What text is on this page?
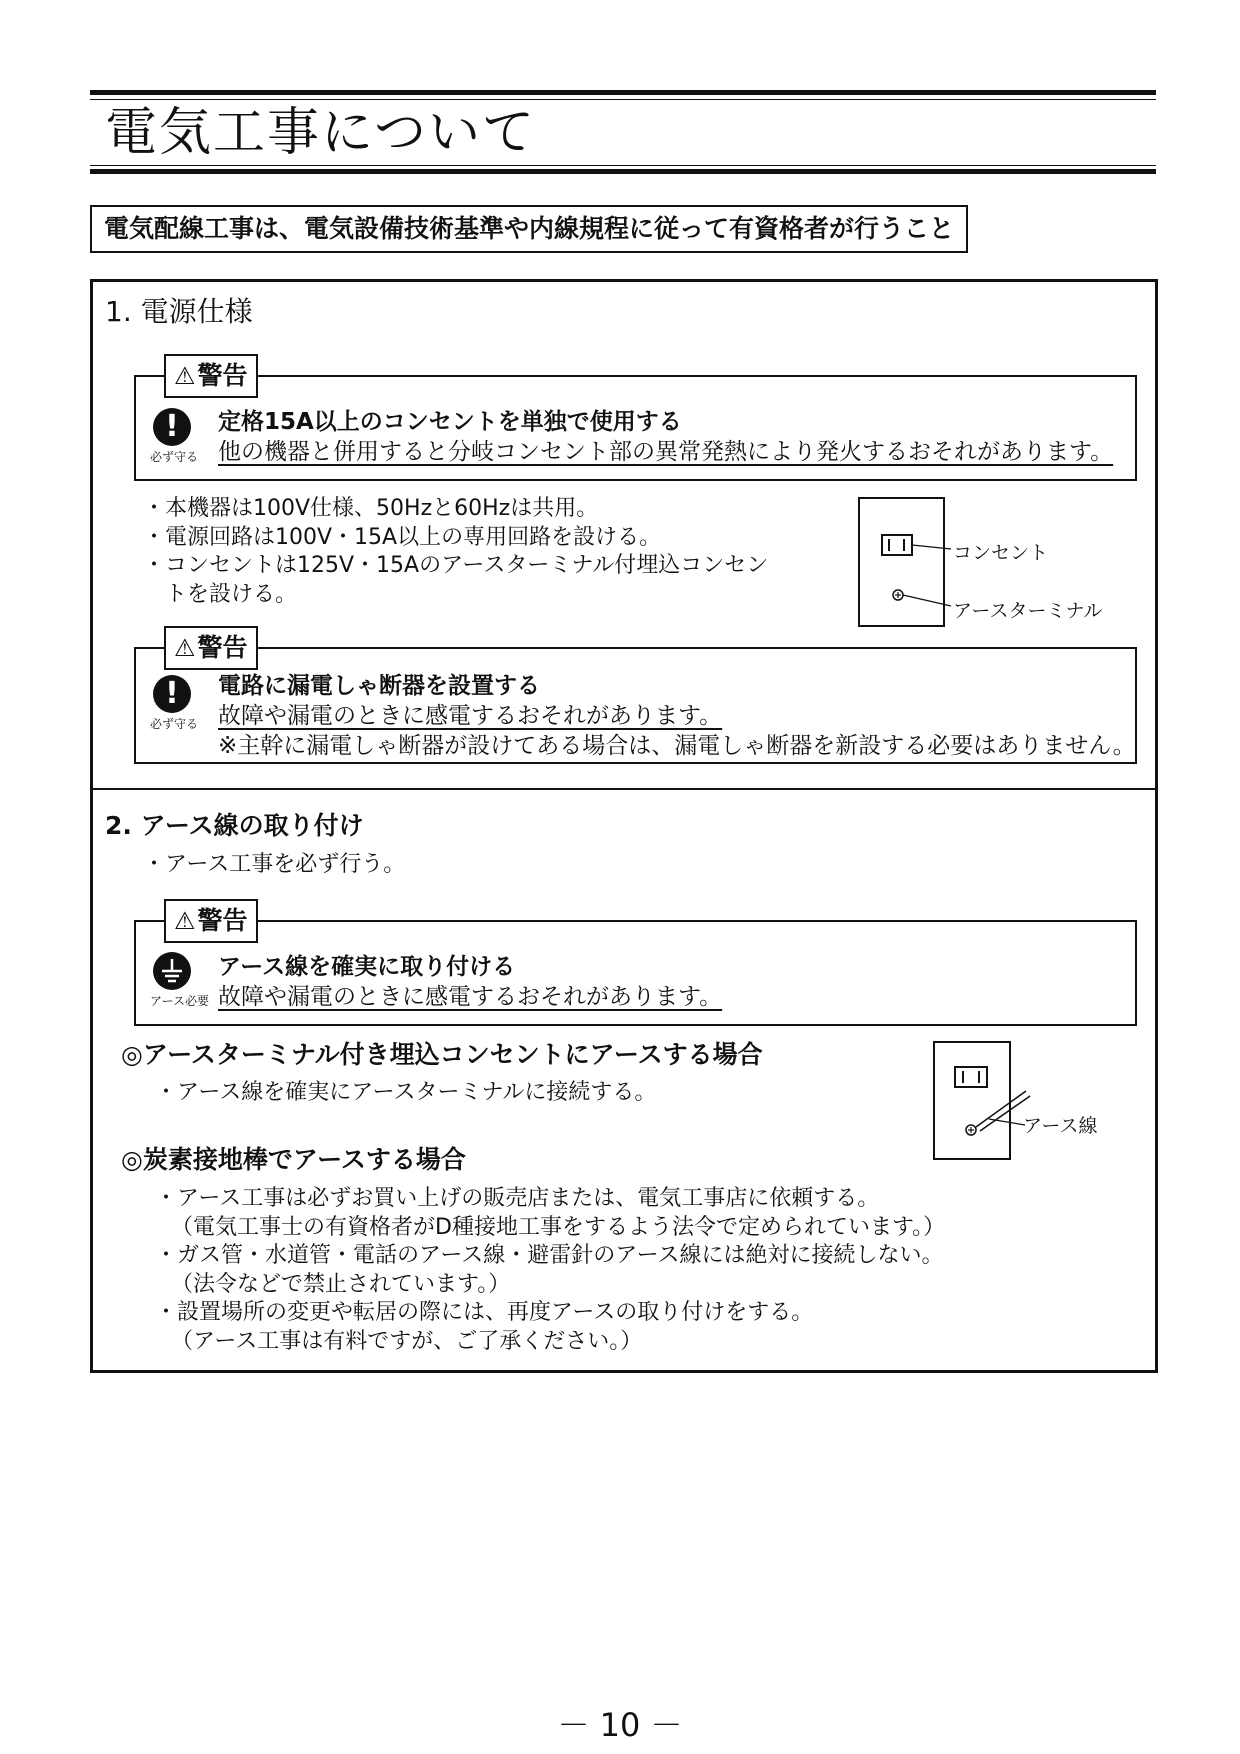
電気工事について
電気配線工事は、電気設備技術基準や内線規程に従って有資格者が行うこと
1. 電源仕様
⚠警告
!
必ず守る
定格15A以上のコンセントを単独で使用する
他の機器と併用すると分岐コンセント部の異常発熱により発火するおそれがあります。
・本機器は100V仕様、50Hzと60Hzは共用。
・電源回路は100V・15A以上の専用回路を設ける。
・コンセントは125V・15Aのアースターミナル付埋込コンセン
　トを設ける。
コンセント
アースターミナル
⚠警告
!
必ず守る
電路に漏電しゃ断器を設置する
故障や漏電のときに感電するおそれがあります。
※主幹に漏電しゃ断器が設けてある場合は、漏電しゃ断器を新設する必要はありません。
2. アース線の取り付け
・アース工事を必ず行う。
⚠警告
アース必要
アース線を確実に取り付ける
故障や漏電のときに感電するおそれがあります。
◎アースターミナル付き埋込コンセントにアースする場合
・アース線を確実にアースターミナルに接続する。
アース線
◎炭素接地棒でアースする場合
・アース工事は必ずお買い上げの販売店または、電気工事店に依頼する。
（電気工事士の有資格者がD種接地工事をするよう法令で定められています。）
・ガス管・水道管・電話のアース線・避雷針のアース線には絶対に接続しない。
（法令などで禁止されています。）
・設置場所の変更や転居の際には、再度アースの取り付けをする。
（アース工事は有料ですが、ご了承ください。）
－ 10 －
